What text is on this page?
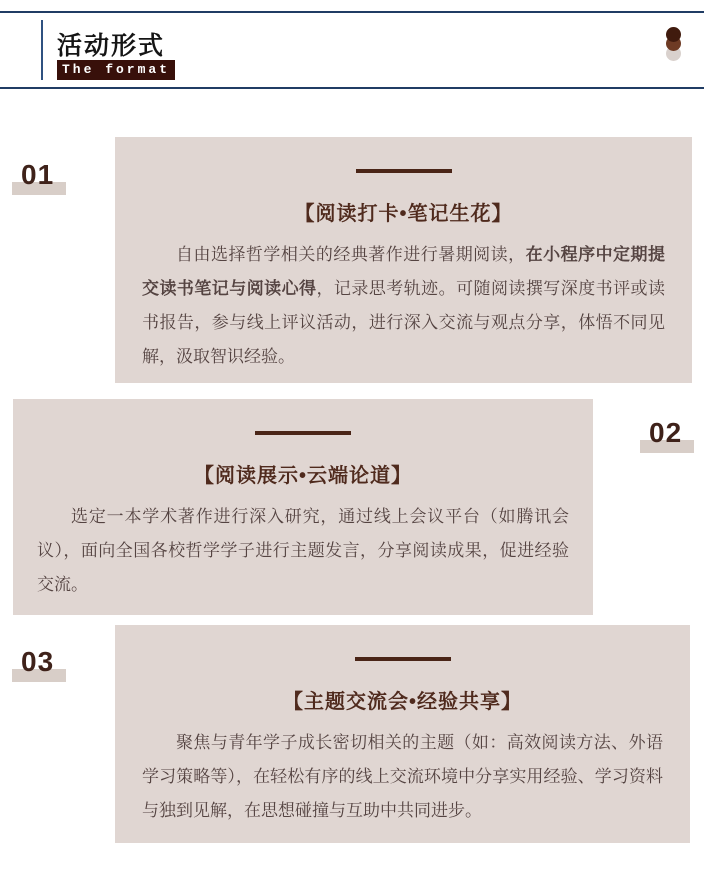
活动形式
The format
01
【阅读打卡•笔记生花】
自由选择哲学相关的经典著作进行暑期阅读，在小程序中定期提交读书笔记与阅读心得，记录思考轨迹。可随阅读撰写深度书评或读书报告，参与线上评议活动，进行深入交流与观点分享，体悟不同见解，汲取智识经验。
【阅读展示•云端论道】
选定一本学术著作进行深入研究，通过线上会议平台（如腾讯会议），面向全国各校哲学学子进行主题发言，分享阅读成果，促进经验交流。
02
03
【主题交流会•经验共享】
聚焦与青年学子成长密切相关的主题（如：高效阅读方法、外语学习策略等），在轻松有序的线上交流环境中分享实用经验、学习资料与独到见解，在思想碰撞与互助中共同进步。
